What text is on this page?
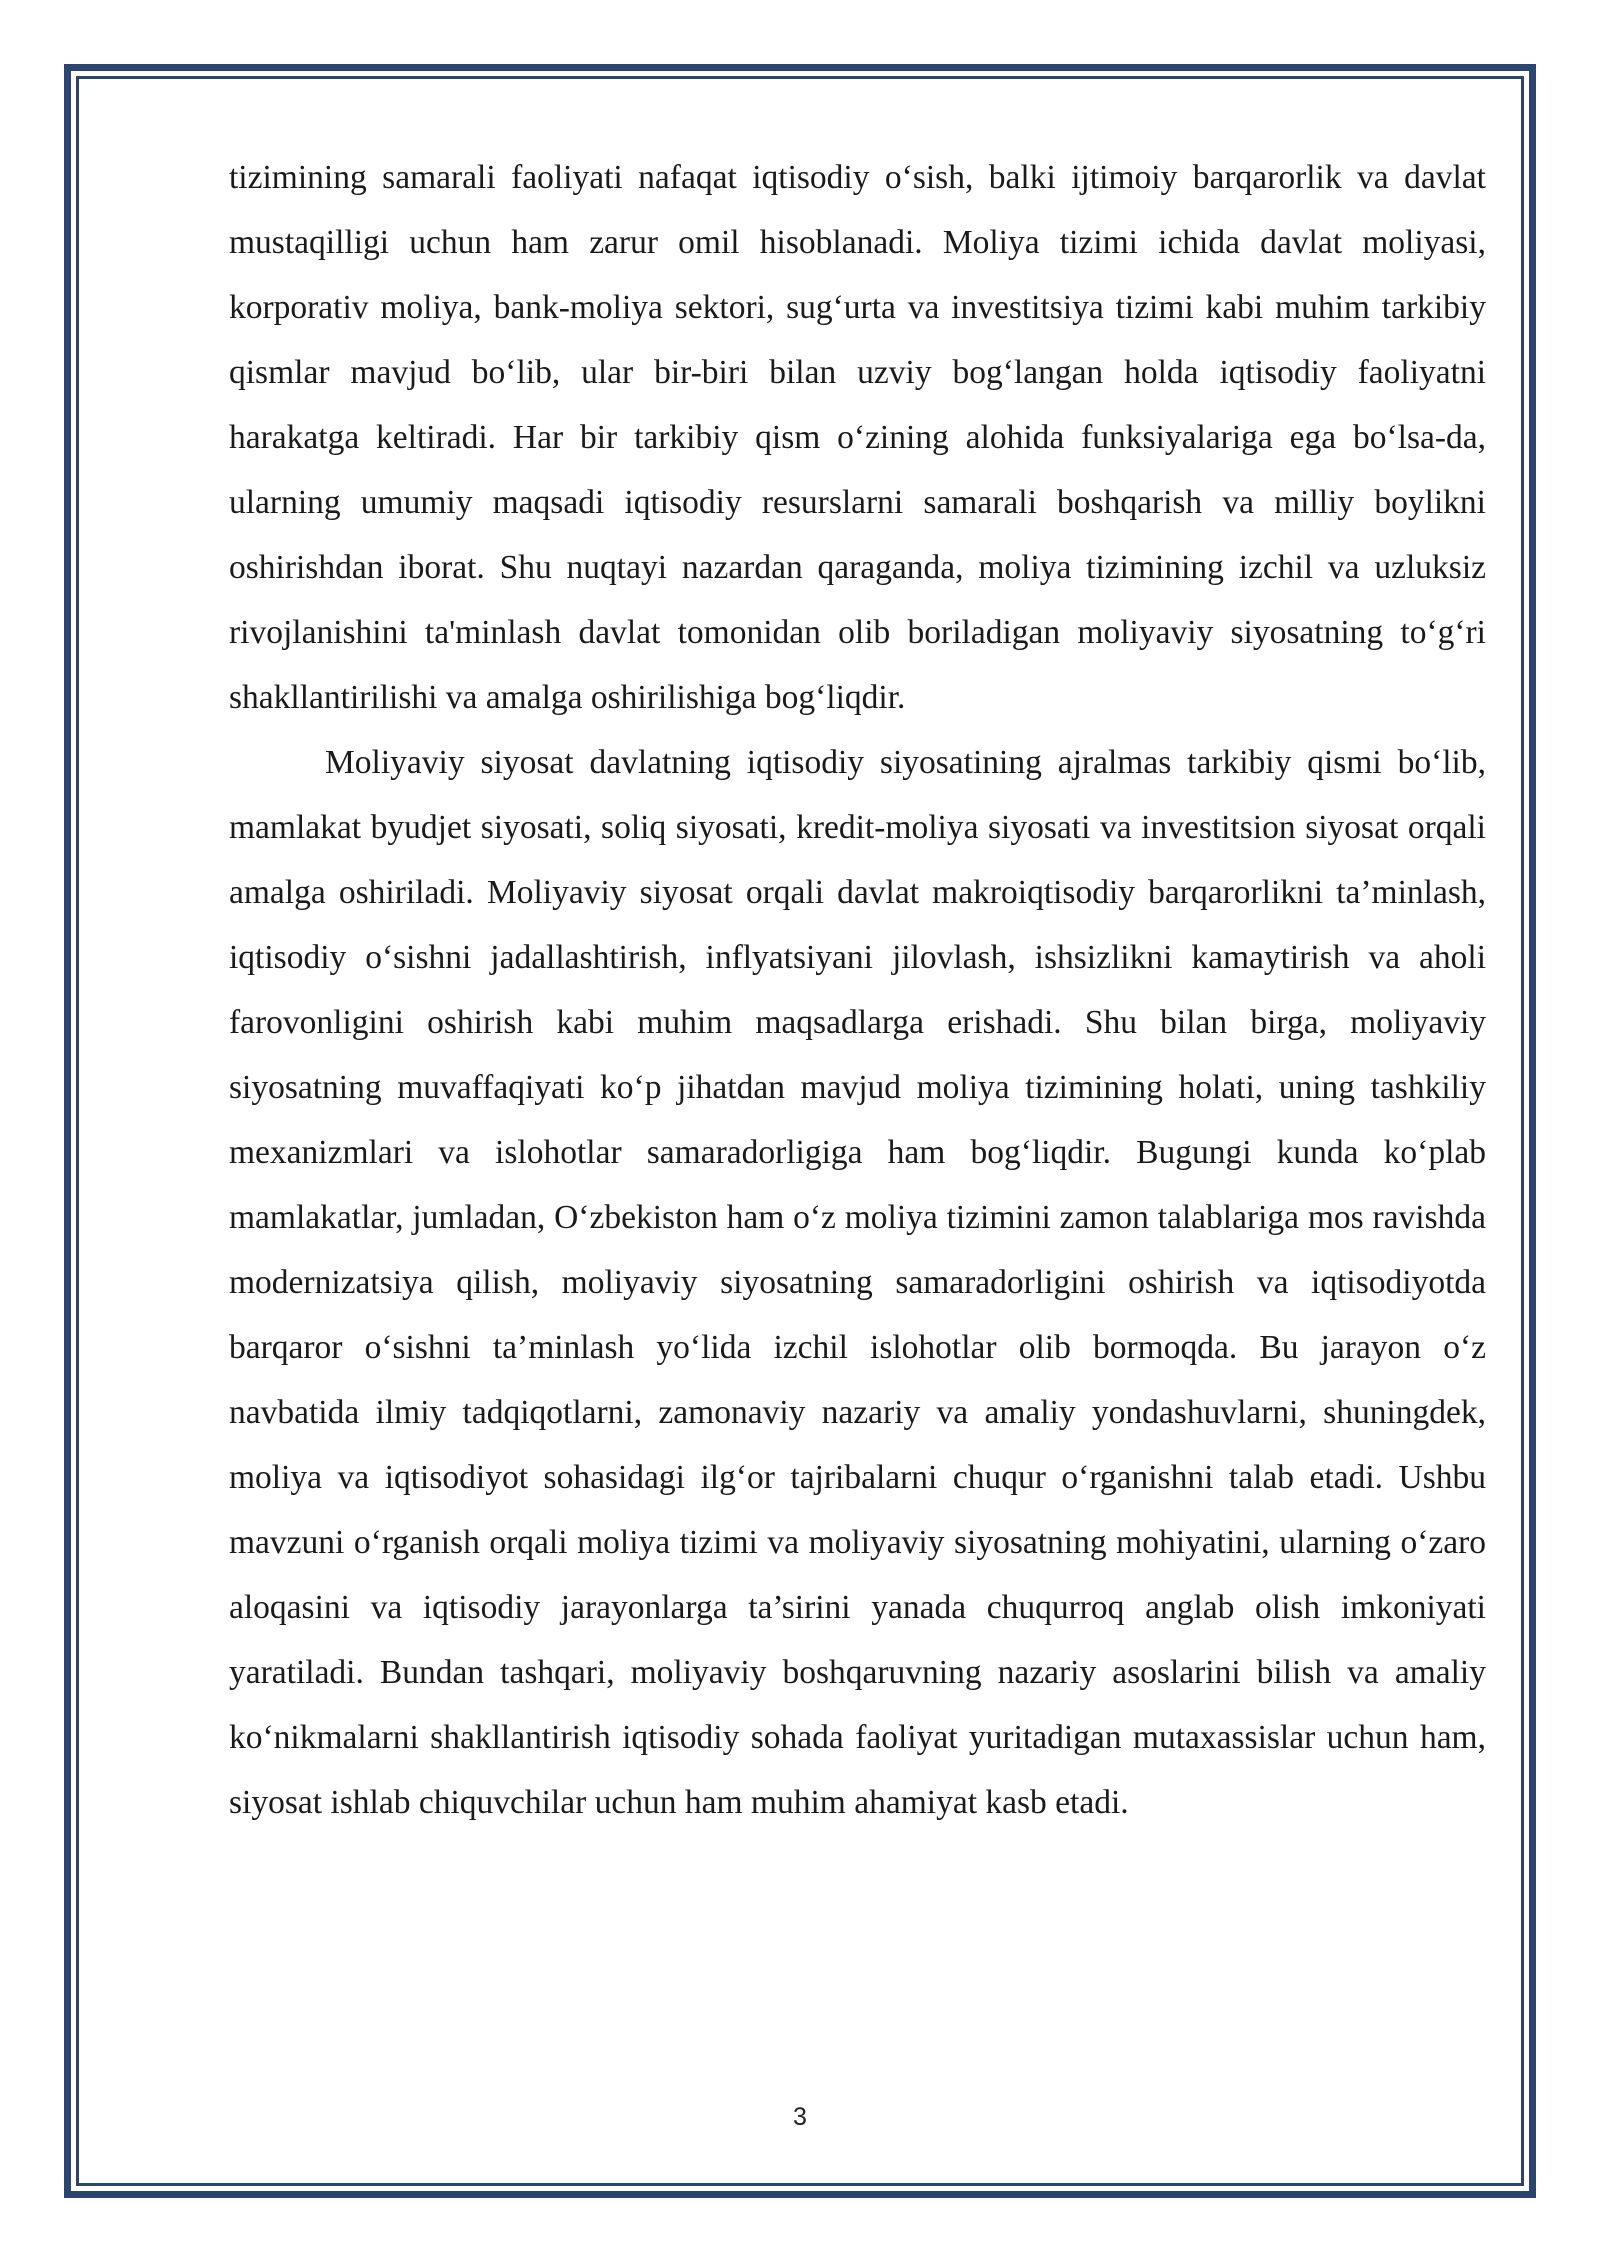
tizimining samarali faoliyati nafaqat iqtisodiy o‘sish, balki ijtimoiy barqarorlik va davlat mustaqilligi uchun ham zarur omil hisoblanadi. Moliya tizimi ichida davlat moliyasi, korporativ moliya, bank-moliya sektori, sug‘urta va investitsiya tizimi kabi muhim tarkibiy qismlar mavjud bo‘lib, ular bir-biri bilan uzviy bog‘langan holda iqtisodiy faoliyatni harakatga keltiradi. Har bir tarkibiy qism o‘zining alohida funksiyalariga ega bo‘lsa-da, ularning umumiy maqsadi iqtisodiy resurslarni samarali boshqarish va milliy boylikni oshirishdan iborat. Shu nuqtayi nazardan qaraganda, moliya tizimining izchil va uzluksiz rivojlanishini ta'minlash davlat tomonidan olib boriladigan moliyaviy siyosatning to‘g‘ri shakllantirilishi va amalga oshirilishiga bog‘liqdir.

Moliyaviy siyosat davlatning iqtisodiy siyosatining ajralmas tarkibiy qismi bo‘lib, mamlakat byudjet siyosati, soliq siyosati, kredit-moliya siyosati va investitsion siyosat orqali amalga oshiriladi. Moliyaviy siyosat orqali davlat makroiqtisodiy barqarorlikni ta’minlash, iqtisodiy o‘sishni jadallashtirish, inflyatsiyani jilovlash, ishsizlikni kamaytirish va aholi farovonligini oshirish kabi muhim maqsadlarga erishadi. Shu bilan birga, moliyaviy siyosatning muvaffaqiyati ko‘p jihatdan mavjud moliya tizimining holati, uning tashkiliy mexanizmlari va islohotlar samaradorligiga ham bog‘liqdir. Bugungi kunda ko‘plab mamlakatlar, jumladan, O‘zbekiston ham o‘z moliya tizimini zamon talablariga mos ravishda modernizatsiya qilish, moliyaviy siyosatning samaradorligini oshirish va iqtisodiyotda barqaror o‘sishni ta’minlash yo‘lida izchil islohotlar olib bormoqda. Bu jarayon o‘z navbatida ilmiy tadqiqotlarni, zamonaviy nazariy va amaliy yondashuvlarni, shuningdek, moliya va iqtisodiyot sohasidagi ilg‘or tajribalarni chuqur o‘rganishni talab etadi. Ushbu mavzuni o‘rganish orqali moliya tizimi va moliyaviy siyosatning mohiyatini, ularning o‘zaro aloqasini va iqtisodiy jarayonlarga ta’sirini yanada chuqurroq anglab olish imkoniyati yaratiladi. Bundan tashqari, moliyaviy boshqaruvning nazariy asoslarini bilish va amaliy ko‘nikmalarni shakllantirish iqtisodiy sohada faoliyat yuritadigan mutaxassislar uchun ham, siyosat ishlab chiquvchilar uchun ham muhim ahamiyat kasb etadi.

3
